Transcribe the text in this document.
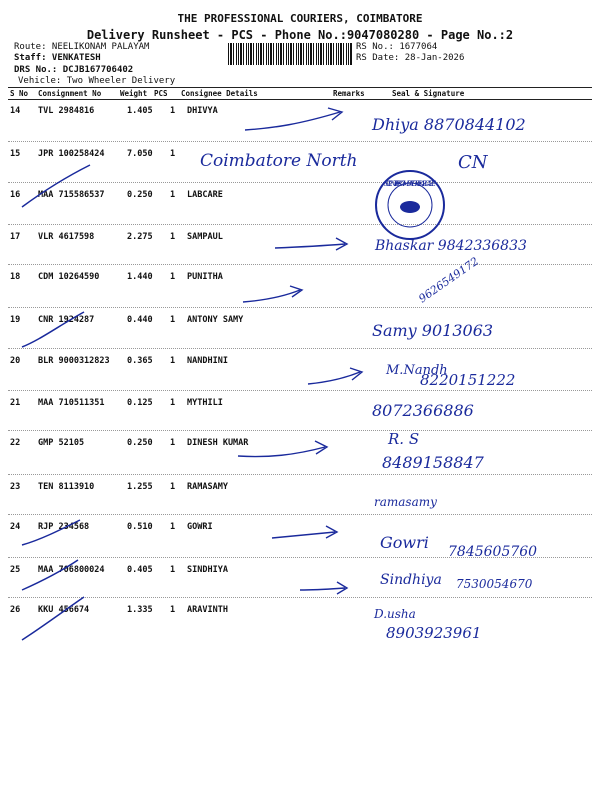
THE PROFESSIONAL COURIERS, COIMBATORE
Delivery Runsheet - PCS - Phone No.:9047080280 - Page No.:2
Route: NEELIKONAM PALAYAM
Staff: VENKATESH
DRS No.: DCJB167706402
Vehicle: Two Wheeler Delivery
RS No.: 1677064
RS Date: 28-Jan-2026
S No Consignment No	Weight PCS Consignee Details	Remarks	Seal & Signature
14 TVL 2984816	1.405 1 DHIVYA
15 JPR 100258424	7.050 1
16 MAA 715586537	0.250 1 LABCARE
17 VLR 4617598	2.275 1 SAMPAUL
18 CDM 10264590	1.440 1 PUNITHA
19 CNR 1924287	0.440 1 ANTONY SAMY
20 BLR 9000312823 0.365 1 NANDHINI
21 MAA 710511351	0.125 1 MYTHILI
22 GMP 52105	0.250 1 DINESH KUMAR
23 TEN 8113910	1.255 1 RAMASAMY
24 RJP 234568	0.510 1 GOWRI
25 MAA 706800024	0.405 1 SINDHIYA
26 KKU 456674	1.335 1 ARAVINTH
SCIENTIFIC • COIMBATORE • LABCARE
Dhiya 8870844102
Coimbatore North	CN
Bhaskar 9842336833
9626549172
Samy 9013063
M.Nandh
8220151222
8072366886
R. S
8489158847
ramasamy
Gowri 7845605760
Sindhiya 7530054670
D.usha
8903923961
